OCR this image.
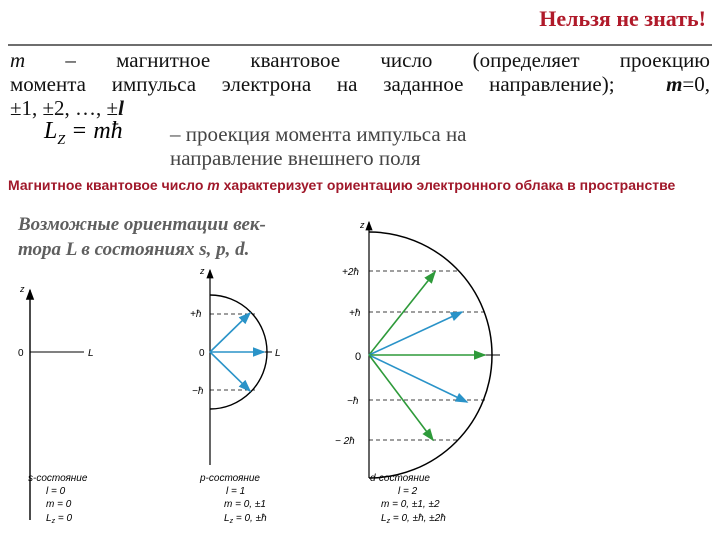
Нельзя не знать!
m – магнитное квантовое число (определяет проекцию
момента импульса электрона на заданное направление); m=0,
±1, ±2, …, ±l
$L_Z$ = mħ – проекция момента импульса на
направление внешнего поля
Магнитное квантовое число m характеризует ориентацию электронного облака в пространстве
Возможные ориентации век-
тора L в состояниях s, p, d.
z
0	L
z
+ħ
0
−ħ
L
z
+2ħ
+ħ
0
−ħ
− 2ħ
s-состояние
l = 0
m = 0
$L_z = 0$
p-состояние
l = 1
m = 0, ±1
$L_z = 0$, ±ħ
d-состояние
l = 2
m = 0, ±1, ±2
$L_z = 0$, ±ħ, ±2ħ
